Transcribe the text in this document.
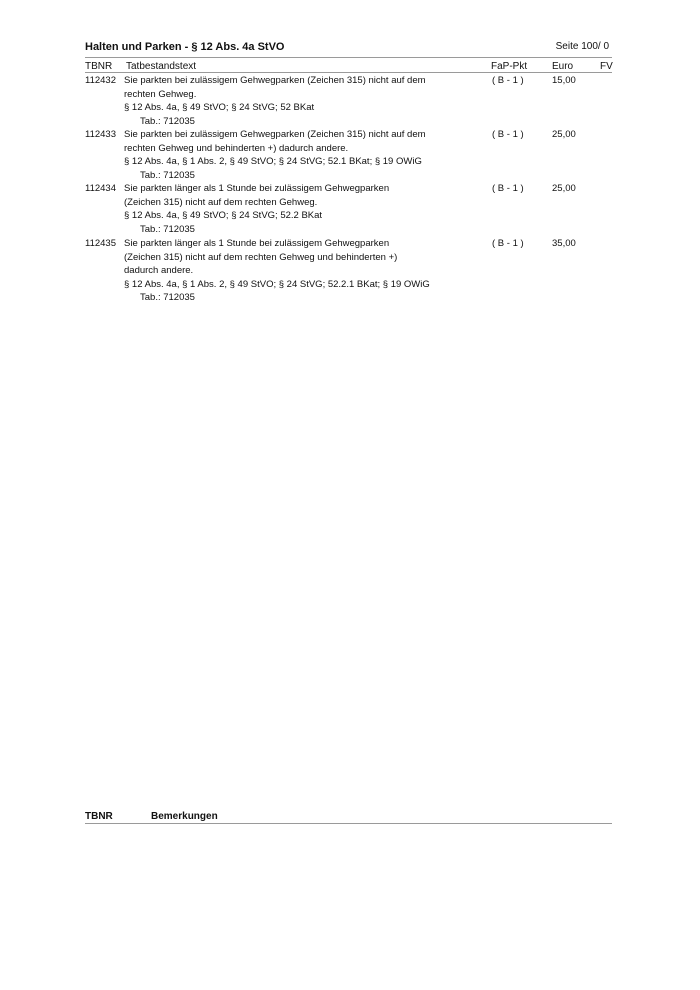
Halten und Parken - § 12 Abs. 4a StVO	Seite 100/ 0
TBNR Tatbestandstext	FaP-Pkt Euro	FV
112432 Sie parkten bei zulässigem Gehwegparken (Zeichen 315) nicht auf dem
rechten Gehweg.
§ 12 Abs. 4a, § 49 StVO; § 24 StVG; 52 BKat
Tab.: 712035
( B - 1 )	15,00
112433 Sie parkten bei zulässigem Gehwegparken (Zeichen 315) nicht auf dem
rechten Gehweg und behinderten +) dadurch andere.
§ 12 Abs. 4a, § 1 Abs. 2, § 49 StVO; § 24 StVG; 52.1 BKat; § 19 OWiG
Tab.: 712035
( B - 1 )	25,00
112434 Sie parkten länger als 1 Stunde bei zulässigem Gehwegparken
(Zeichen 315) nicht auf dem rechten Gehweg.
§ 12 Abs. 4a, § 49 StVO; § 24 StVG; 52.2 BKat
Tab.: 712035
( B - 1 )	25,00
112435 Sie parkten länger als 1 Stunde bei zulässigem Gehwegparken
(Zeichen 315) nicht auf dem rechten Gehweg und behinderten +)
dadurch andere.
§ 12 Abs. 4a, § 1 Abs. 2, § 49 StVO; § 24 StVG; 52.2.1 BKat; § 19 OWiG
Tab.: 712035
( B - 1 )	35,00
TBNR	Bemerkungen
